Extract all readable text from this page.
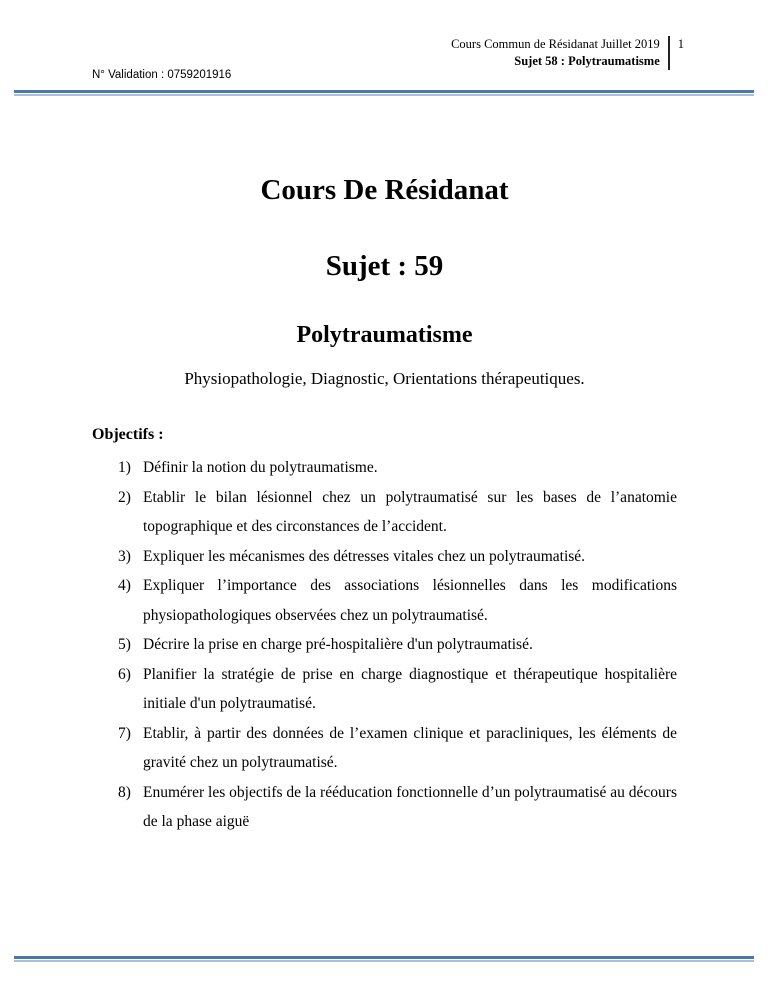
Cours Commun de Résidanat Juillet 2019
Sujet 58 : Polytraumatisme
1
N° Validation : 0759201916
Cours De Résidanat
Sujet : 59
Polytraumatisme
Physiopathologie, Diagnostic, Orientations thérapeutiques.
Objectifs :
1) Définir la notion du polytraumatisme.
2) Etablir le bilan lésionnel chez un polytraumatisé sur les bases de l’anatomie topographique et des circonstances de l’accident.
3) Expliquer les mécanismes des détresses vitales chez un polytraumatisé.
4) Expliquer l’importance des associations lésionnelles dans les modifications physiopathologiques observées chez un polytraumatisé.
5) Décrire la prise en charge pré-hospitalière d'un polytraumatisé.
6) Planifier la stratégie de prise en charge diagnostique et thérapeutique hospitalière initiale d'un polytraumatisé.
7) Etablir, à partir des données de l’examen clinique et paracliniques, les éléments de gravité chez un polytraumatisé.
8) Enumérer les objectifs de la rééducation fonctionnelle d’un polytraumatisé au décours de la phase aiguë
